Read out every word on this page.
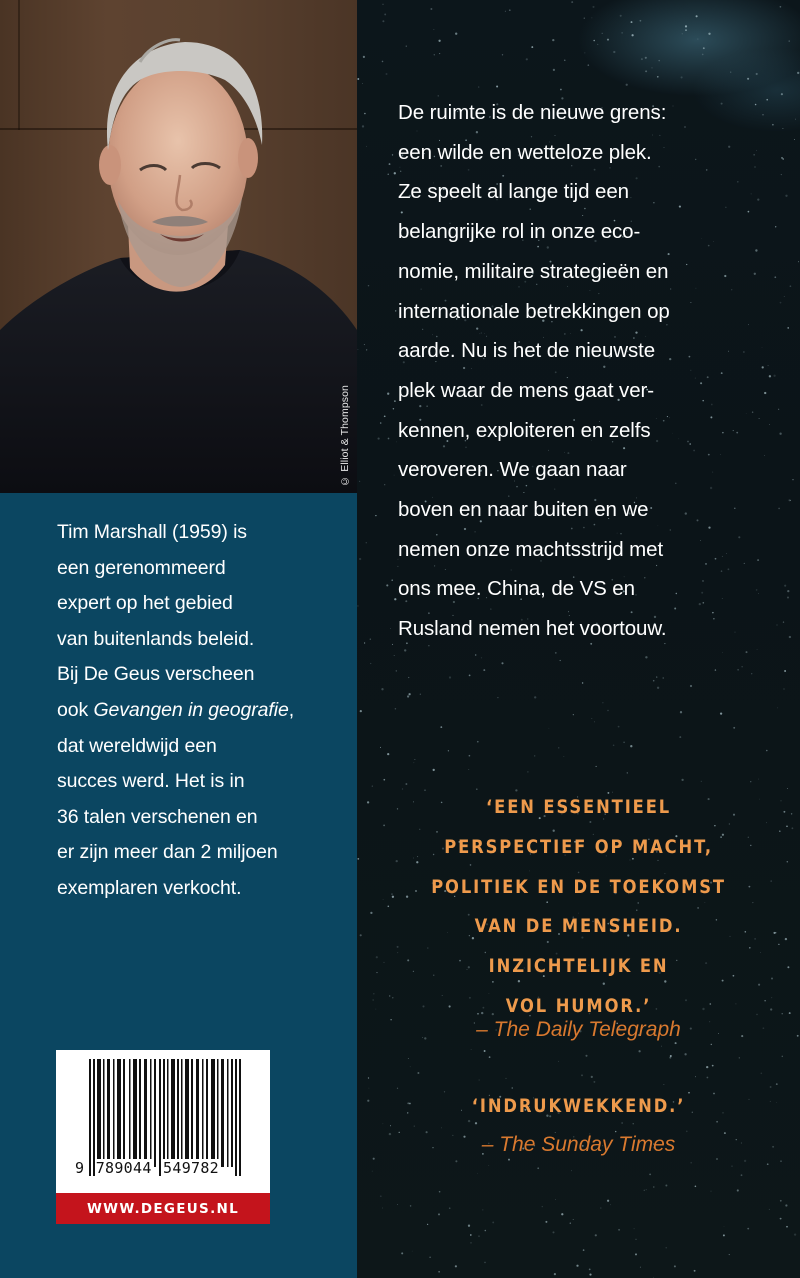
© Elliot & Thompson
Tim Marshall (1959) is
een gerenommeerd
expert op het gebied
van buitenlands beleid.
Bij De Geus verscheen
ook Gevangen in geografie,
dat wereldwijd een
succes werd. Het is in
36 talen verschenen en
er zijn meer dan 2 miljoen
exemplaren verkocht.
9 789044 549782
WWW.DEGEUS.NL
De ruimte is de nieuwe grens:
een wilde en wetteloze plek.
Ze speelt al lange tijd een
belangrijke rol in onze eco-
nomie, militaire strategieën en
internationale betrekkingen op
aarde. Nu is het de nieuwste
plek waar de mens gaat ver-
kennen, exploiteren en zelfs
veroveren. We gaan naar
boven en naar buiten en we
nemen onze machtsstrijd met
ons mee. China, de VS en
Rusland nemen het voortouw.
‘EEN ESSENTIEEL
PERSPECTIEF OP MACHT,
POLITIEK EN DE TOEKOMST
VAN DE MENSHEID.
INZICHTELIJK EN
VOL HUMOR.’
– The Daily Telegraph
‘INDRUKWEKKEND.’
– The Sunday Times
